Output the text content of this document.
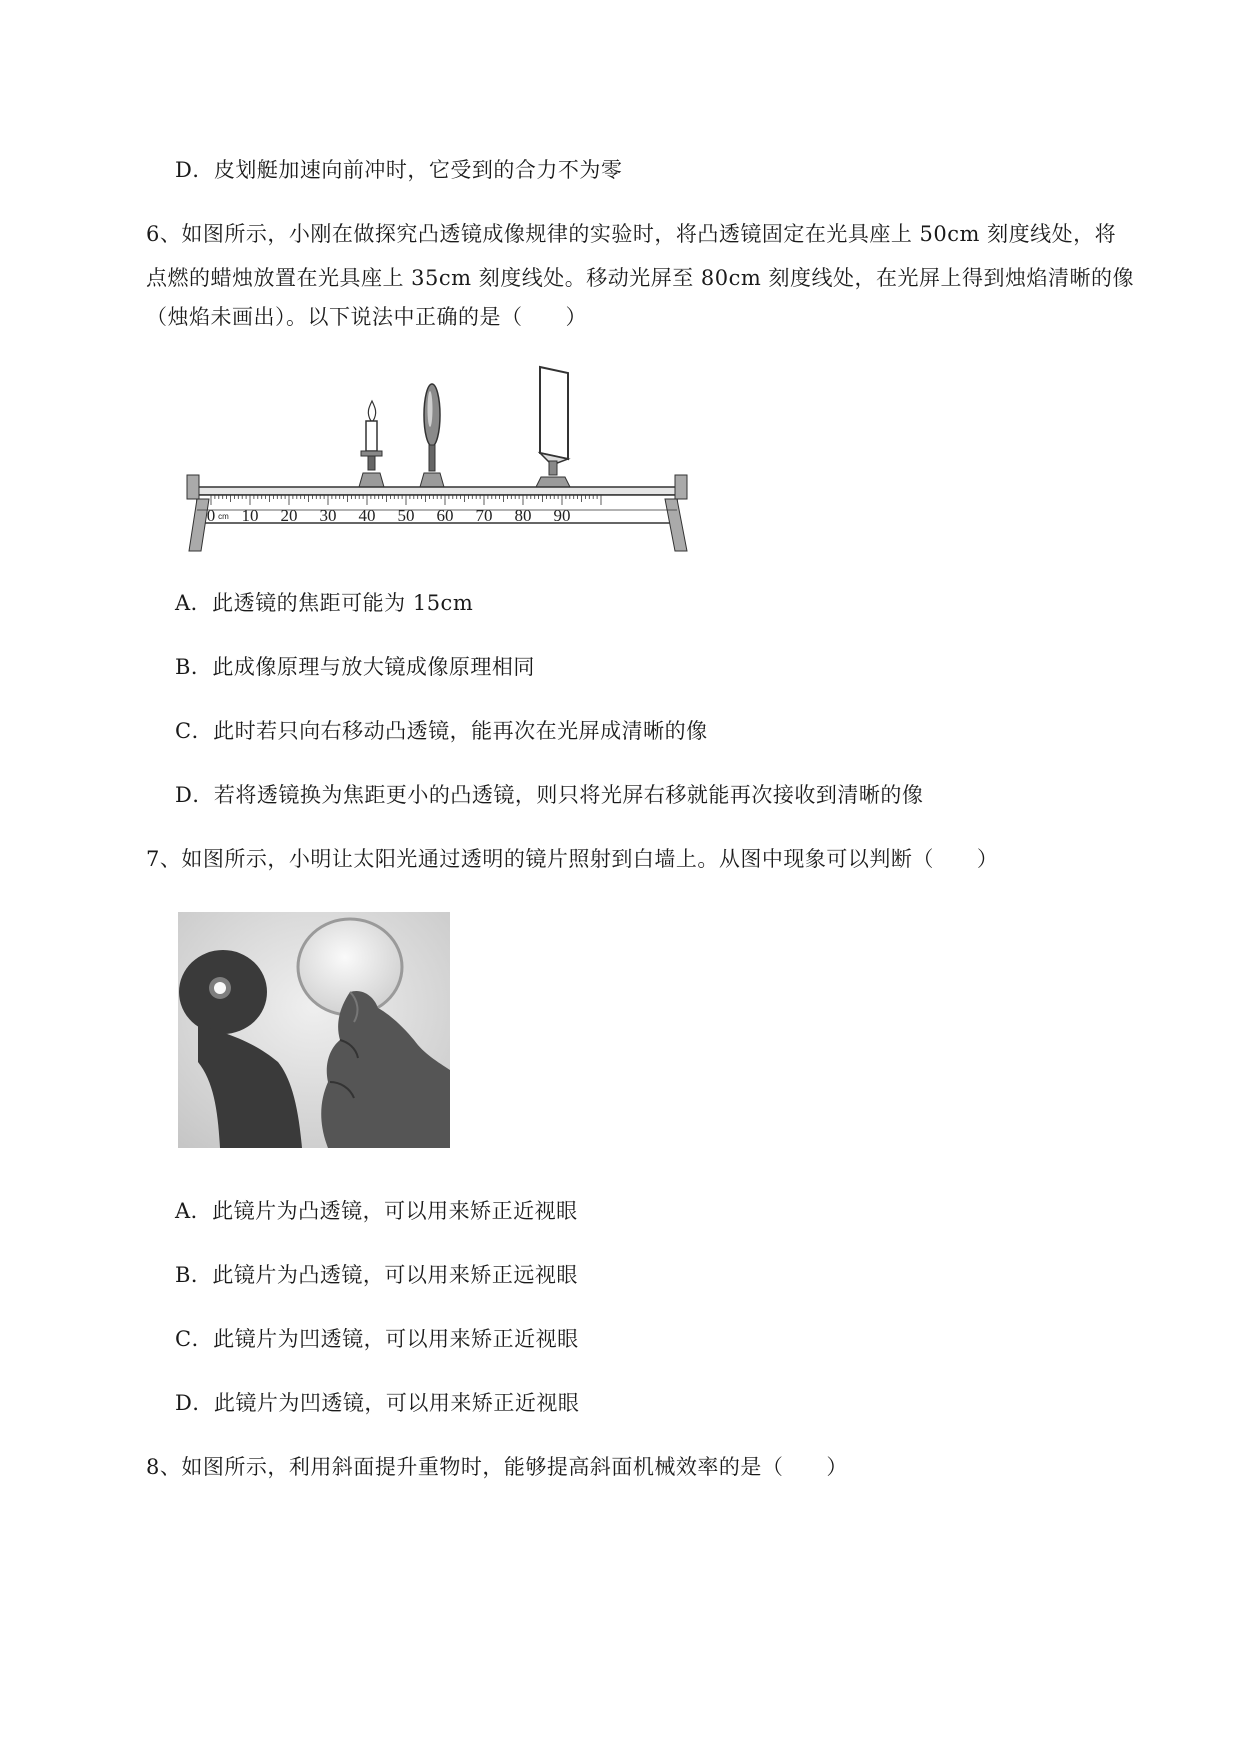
D．皮划艇加速向前冲时，它受到的合力不为零
6、如图所示，小刚在做探究凸透镜成像规律的实验时，将凸透镜固定在光具座上 50cm 刻度线处，将
点燃的蜡烛放置在光具座上 35cm 刻度线处。移动光屏至 80cm 刻度线处，在光屏上得到烛焰清晰的像
（烛焰未画出）。以下说法中正确的是（　　）
0 10 20 30 40 50 60 70 80 90
cm
A．此透镜的焦距可能为 15cm
B．此成像原理与放大镜成像原理相同
C．此时若只向右移动凸透镜，能再次在光屏成清晰的像
D．若将透镜换为焦距更小的凸透镜，则只将光屏右移就能再次接收到清晰的像
7、如图所示，小明让太阳光通过透明的镜片照射到白墙上。从图中现象可以判断（　　）
A．此镜片为凸透镜，可以用来矫正近视眼
B．此镜片为凸透镜，可以用来矫正远视眼
C．此镜片为凹透镜，可以用来矫正近视眼
D．此镜片为凹透镜，可以用来矫正近视眼
8、如图所示，利用斜面提升重物时，能够提高斜面机械效率的是（　　）
